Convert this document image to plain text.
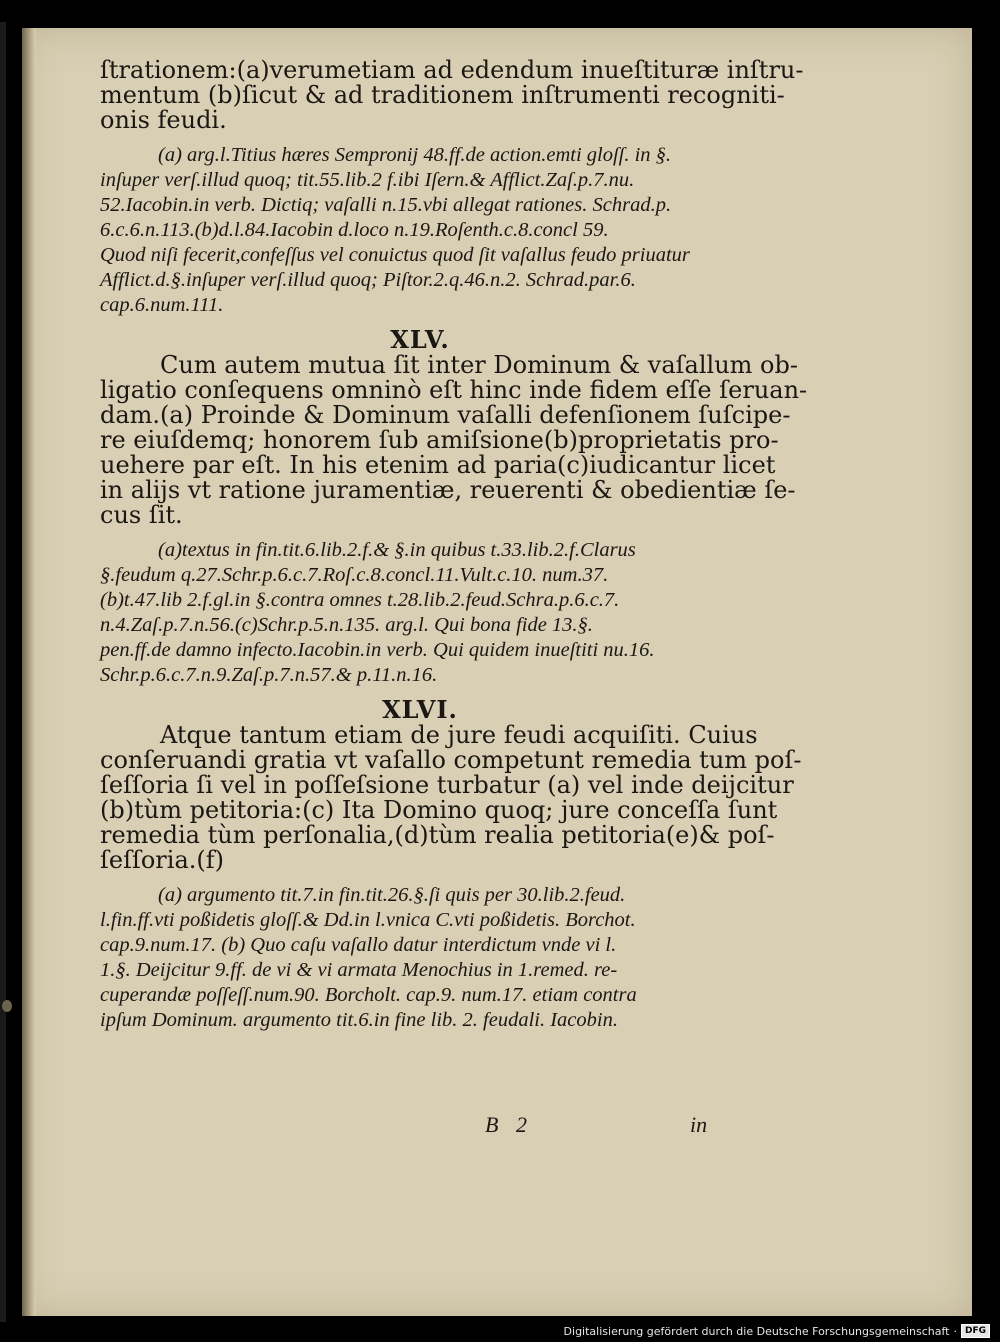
ſtrationem:(a)verumetiam ad edendum inueſtituræ inſtru-

mentum (b)ſicut & ad traditionem inſtrumenti recogniti-

onis feudi.

(a) arg.l.Titius hæres Sempronij 48.ff.de action.emti gloſſ. in §.

inſuper verſ.illud quoq; tit.55.lib.2 f.ibi Iſern.& Afflict.Zaſ.p.7.nu.

52.Iacobin.in verb. Dictiq; vaſalli n.15.vbi allegat rationes. Schrad.p.

6.c.6.n.113.(b)d.l.84.Iacobin d.loco n.19.Roſenth.c.8.concl 59.

Quod niſi fecerit,confeſſus vel conuictus quod ſit vaſallus feudo priuatur

Afflict.d.§.inſuper verſ.illud quoq; Piſtor.2.q.46.n.2. Schrad.par.6.

cap.6.num.111.

XLV.

Cum autem mutua ſit inter Dominum & vaſallum ob-

ligatio conſequens omninò eſt hinc inde fidem eſſe ſeruan-

dam.(a) Proinde & Dominum vaſalli defenſionem ſuſcipe-

re eiuſdemq; honorem ſub amiſsione(b)proprietatis pro-

uehere par eſt. In his etenim ad paria(c)iudicantur licet

in alijs vt ratione juramentiæ, reuerenti & obedientiæ ſe-

cus ſit.

(a)textus in fin.tit.6.lib.2.f.& §.in quibus t.33.lib.2.f.Clarus

§.feudum q.27.Schr.p.6.c.7.Roſ.c.8.concl.11.Vult.c.10. num.37.

(b)t.47.lib 2.f.gl.in §.contra omnes t.28.lib.2.feud.Schra.p.6.c.7.

n.4.Zaſ.p.7.n.56.(c)Schr.p.5.n.135. arg.l. Qui bona fide 13.§.

pen.ff.de damno infecto.Iacobin.in verb. Qui quidem inueſtiti nu.16.

Schr.p.6.c.7.n.9.Zaſ.p.7.n.57.& p.11.n.16.

XLVI.

Atque tantum etiam de jure feudi acquiſiti. Cuius

conſeruandi gratia vt vaſallo competunt remedia tum poſ-

ſeſſoria ſi vel in poſſeſsione turbatur (a) vel inde deijcitur

(b)tùm petitoria:(c) Ita Domino quoq; jure conceſſa ſunt

remedia tùm perſonalia,(d)tùm realia petitoria(e)& poſ-

ſeſſoria.(f)

(a) argumento tit.7.in fin.tit.26.§.ſi quis per 30.lib.2.feud.

l.fin.ff.vti poßidetis gloſſ.& Dd.in l.vnica C.vti poßidetis. Borchot.

cap.9.num.17. (b) Quo caſu vaſallo datur interdictum vnde vi l.

1.§. Deijcitur 9.ff. de vi & vi armata Menochius in 1.remed. re-

cuperandæ poſſeſſ.num.90. Borcholt. cap.9. num.17. etiam contra

ipſum Dominum. argumento tit.6.in fine lib. 2. feudali. Iacobin.

B 2	in
Digitalisierung gefördert durch die Deutsche Forschungsgemeinschaft · DFG
